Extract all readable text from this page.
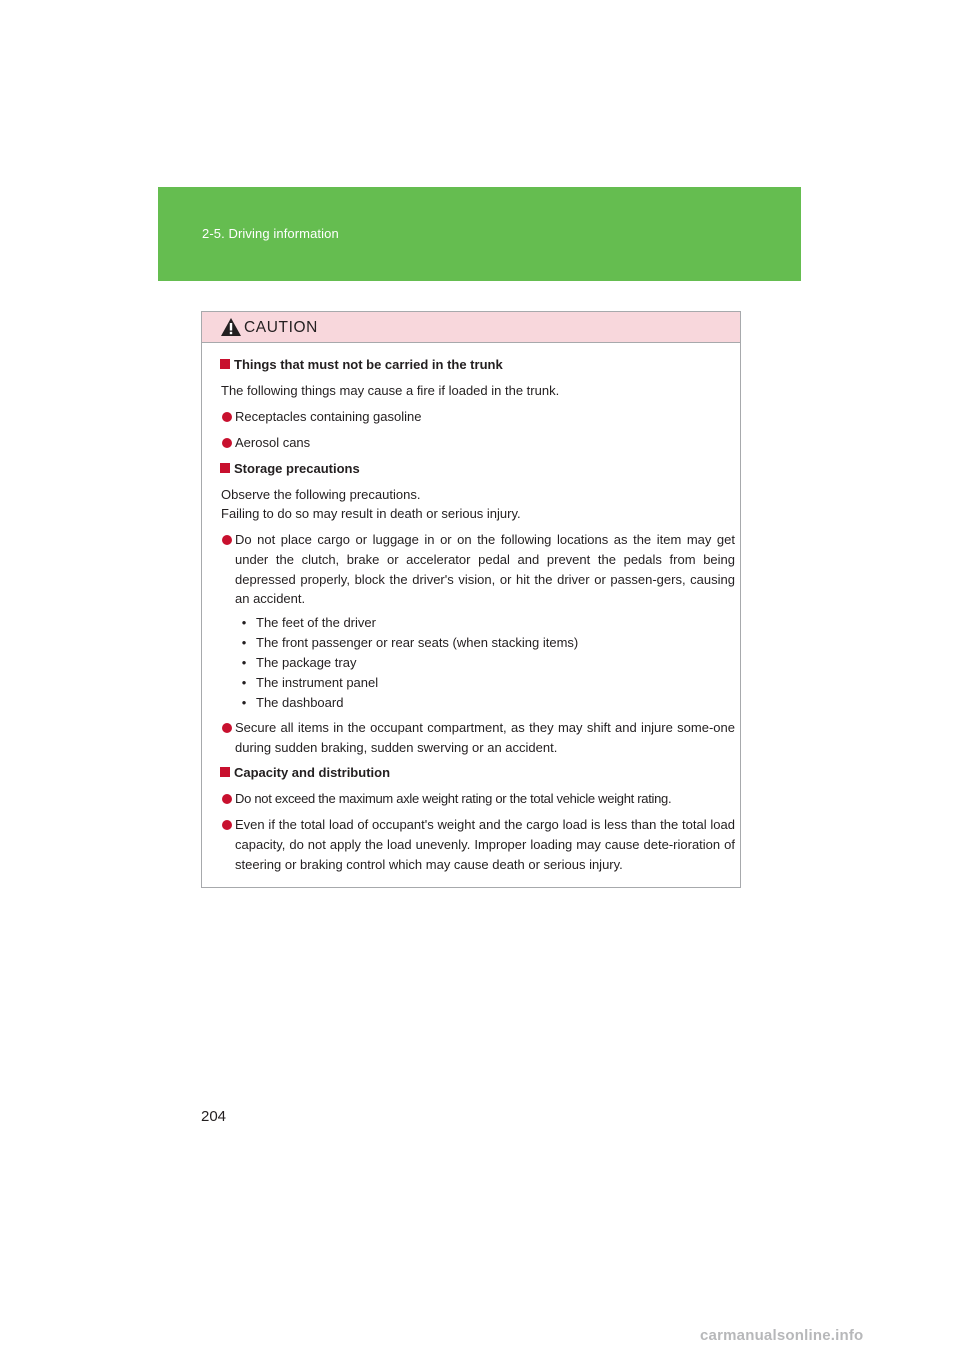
2-5. Driving information
CAUTION
Things that must not be carried in the trunk
The following things may cause a fire if loaded in the trunk.
Receptacles containing gasoline
Aerosol cans
Storage precautions
Observe the following precautions.
Failing to do so may result in death or serious injury.
Do not place cargo or luggage in or on the following locations as the item may get under the clutch, brake or accelerator pedal and prevent the pedals from being depressed properly, block the driver's vision, or hit the driver or passen-gers, causing an accident.
• The feet of the driver
• The front passenger or rear seats (when stacking items)
• The package tray
• The instrument panel
• The dashboard
Secure all items in the occupant compartment, as they may shift and injure some-one during sudden braking, sudden swerving or an accident.
Capacity and distribution
Do not exceed the maximum axle weight rating or the total vehicle weight rating.
Even if the total load of occupant's weight and the cargo load is less than the total load capacity, do not apply the load unevenly. Improper loading may cause dete-rioration of steering or braking control which may cause death or serious injury.
204
carmanualsonline.info
